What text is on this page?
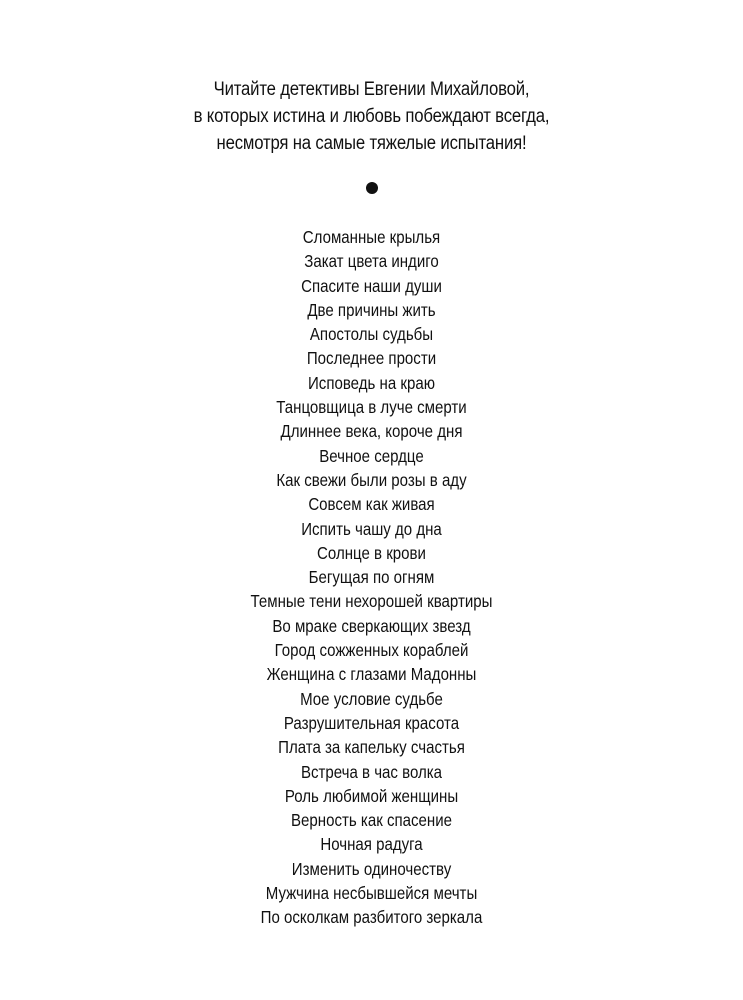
Читайте детективы Евгении Михайловой,
в которых истина и любовь побеждают всегда,
несмотря на самые тяжелые испытания!
Сломанные крылья
Закат цвета индиго
Спасите наши души
Две причины жить
Апостолы судьбы
Последнее прости
Исповедь на краю
Танцовщица в луче смерти
Длиннее века, короче дня
Вечное сердце
Как свежи были розы в аду
Совсем как живая
Испить чашу до дна
Солнце в крови
Бегущая по огням
Темные тени нехорошей квартиры
Во мраке сверкающих звезд
Город сожженных кораблей
Женщина с глазами Мадонны
Мое условие судьбе
Разрушительная красота
Плата за капельку счастья
Встреча в час волка
Роль любимой женщины
Верность как спасение
Ночная радуга
Изменить одиночеству
Мужчина несбывшейся мечты
По осколкам разбитого зеркала
